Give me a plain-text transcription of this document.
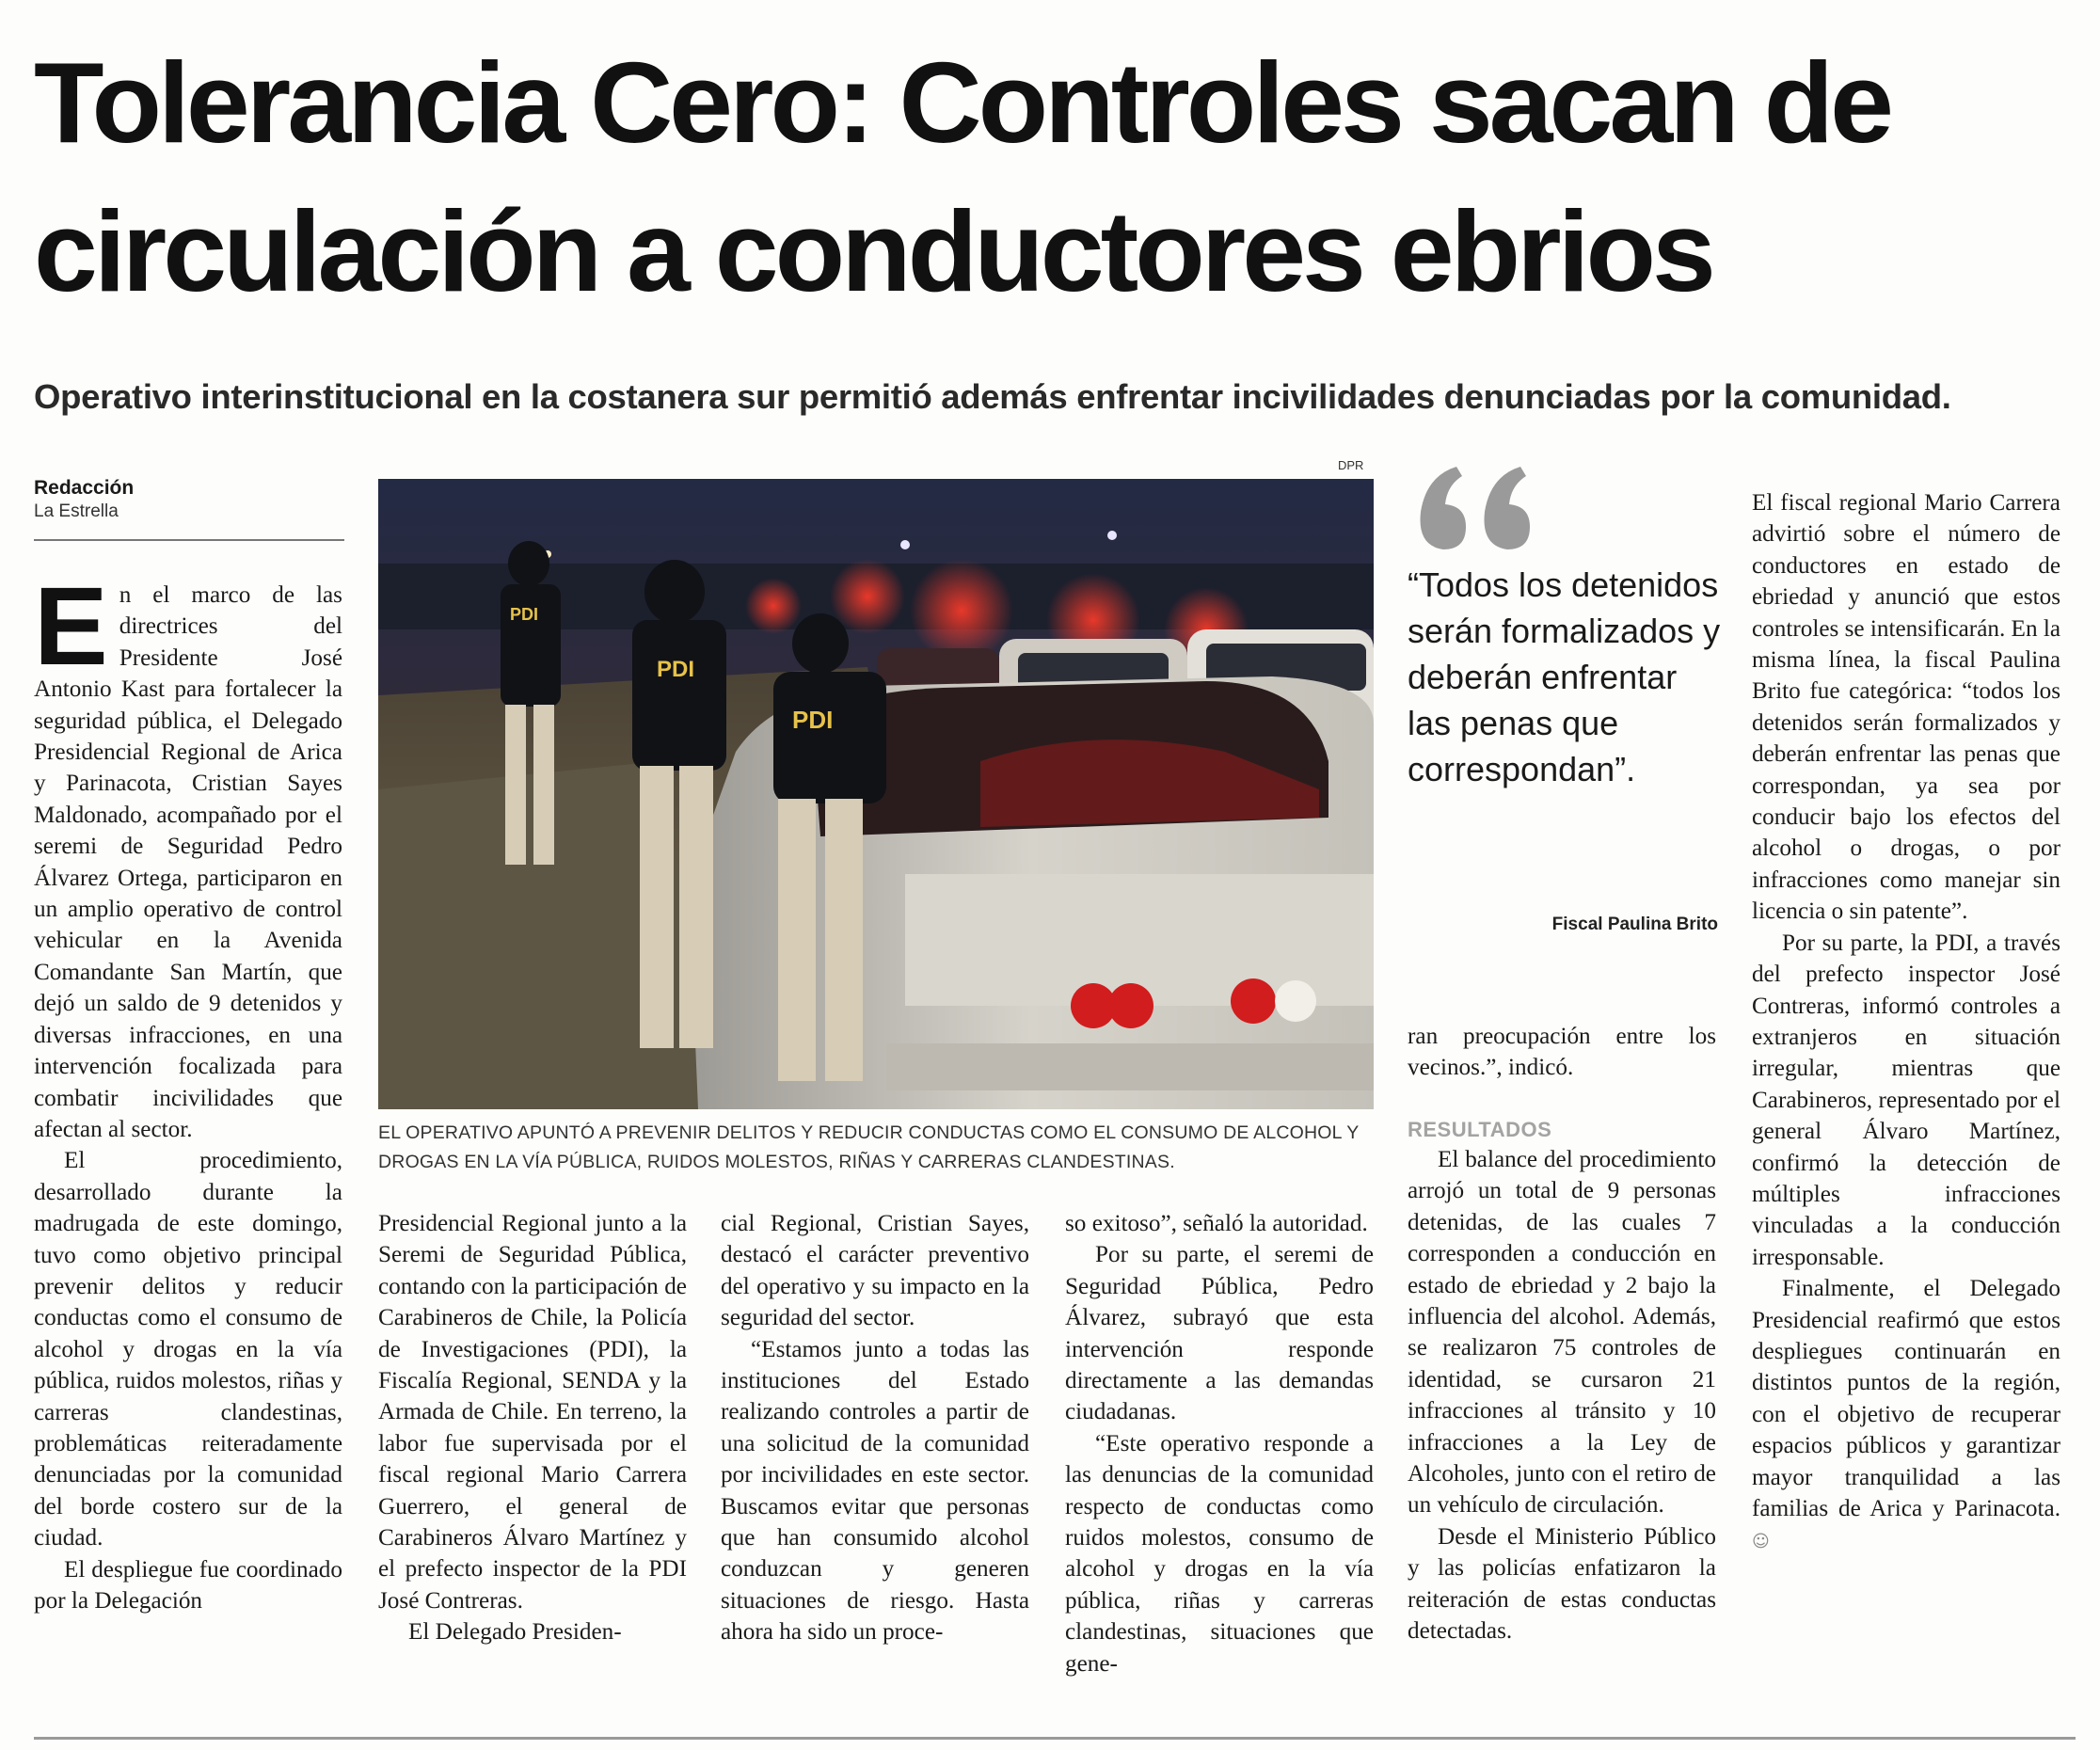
Tolerancia Cero: Controles sacan de circulación a conductores ebrios
Operativo interinstitucional en la costanera sur permitió además enfrentar incivilidades denunciadas por la comunidad.
Redacción
La Estrella

En el marco de las directrices del Presidente José Antonio Kast para fortalecer la seguridad pública, el Delegado Presidencial Regional de Arica y Parinacota, Cristian Sayes Maldonado, acompañado por el seremi de Seguridad Pedro Álvarez Ortega, participaron en un amplio operativo de control vehicular en la Avenida Comandante San Martín, que dejó un saldo de 9 detenidos y diversas infracciones, en una intervención focalizada para combatir incivilidades que afectan al sector.

El procedimiento, desarrollado durante la madrugada de este domingo, tuvo como objetivo principal prevenir delitos y reducir conductas como el consumo de alcohol y drogas en la vía pública, ruidos molestos, riñas y carreras clandestinas, problemáticas reiteradamente denunciadas por la comunidad del borde costero sur de la ciudad.

El despliegue fue coordinado por la Delegación

DPR
PDI
PDI
PDI
EL OPERATIVO APUNTÓ A PREVENIR DELITOS Y REDUCIR CONDUCTAS COMO EL CONSUMO DE ALCOHOL Y DROGAS EN LA VÍA PÚBLICA, RUIDOS MOLESTOS, RIÑAS Y CARRERAS CLANDESTINAS.

Presidencial Regional junto a la Seremi de Seguridad Pública, contando con la participación de Carabineros de Chile, la Policía de Investigaciones (PDI), la Fiscalía Regional, SENDA y la Armada de Chile. En terreno, la labor fue supervisada por el fiscal regional Mario Carrera Guerrero, el general de Carabineros Álvaro Martínez y el prefecto inspector de la PDI José Contreras.

El Delegado Presiden-

cial Regional, Cristian Sayes, destacó el carácter preventivo del operativo y su impacto en la seguridad del sector.

“Estamos junto a todas las instituciones del Estado realizando controles a partir de una solicitud de la comunidad por incivilidades en este sector. Buscamos evitar que personas que han consumido alcohol conduzcan y generen situaciones de riesgo. Hasta ahora ha sido un proce-

so exitoso”, señaló la autoridad.

Por su parte, el seremi de Seguridad Pública, Pedro Álvarez, subrayó que esta intervención responde directamente a las demandas ciudadanas.

“Este operativo responde a las denuncias de la comunidad respecto de conductas como ruidos molestos, consumo de alcohol y drogas en la vía pública, riñas y carreras clandestinas, situaciones que gene-

“Todos los detenidos serán formalizados y deberán enfrentar las penas que correspondan”.
Fiscal Paulina Brito

ran preocupación entre los vecinos.”, indicó.

RESULTADOS

El balance del procedimiento arrojó un total de 9 personas detenidas, de las cuales 7 corresponden a conducción en estado de ebriedad y 2 bajo la influencia del alcohol. Además, se realizaron 75 controles de identidad, se cursaron 21 infracciones al tránsito y 10 infracciones a la Ley de Alcoholes, junto con el retiro de un vehículo de circulación.

Desde el Ministerio Público y las policías enfatizaron la reiteración de estas conductas detectadas.

El fiscal regional Mario Carrera advirtió sobre el número de conductores en estado de ebriedad y anunció que estos controles se intensificarán. En la misma línea, la fiscal Paulina Brito fue categórica: “todos los detenidos serán formalizados y deberán enfrentar las penas que correspondan, ya sea por conducir bajo los efectos del alcohol o drogas, o por infracciones como manejar sin licencia o sin patente”.

Por su parte, la PDI, a través del prefecto inspector José Contreras, informó controles a extranjeros en situación irregular, mientras que Carabineros, representado por el general Álvaro Martínez, confirmó la detección de múltiples infracciones vinculadas a la conducción irresponsable.

Finalmente, el Delegado Presidencial reafirmó que estos despliegues continuarán en distintos puntos de la región, con el objetivo de recuperar espacios públicos y garantizar mayor tranquilidad a las familias de Arica y Parinacota. ☺
